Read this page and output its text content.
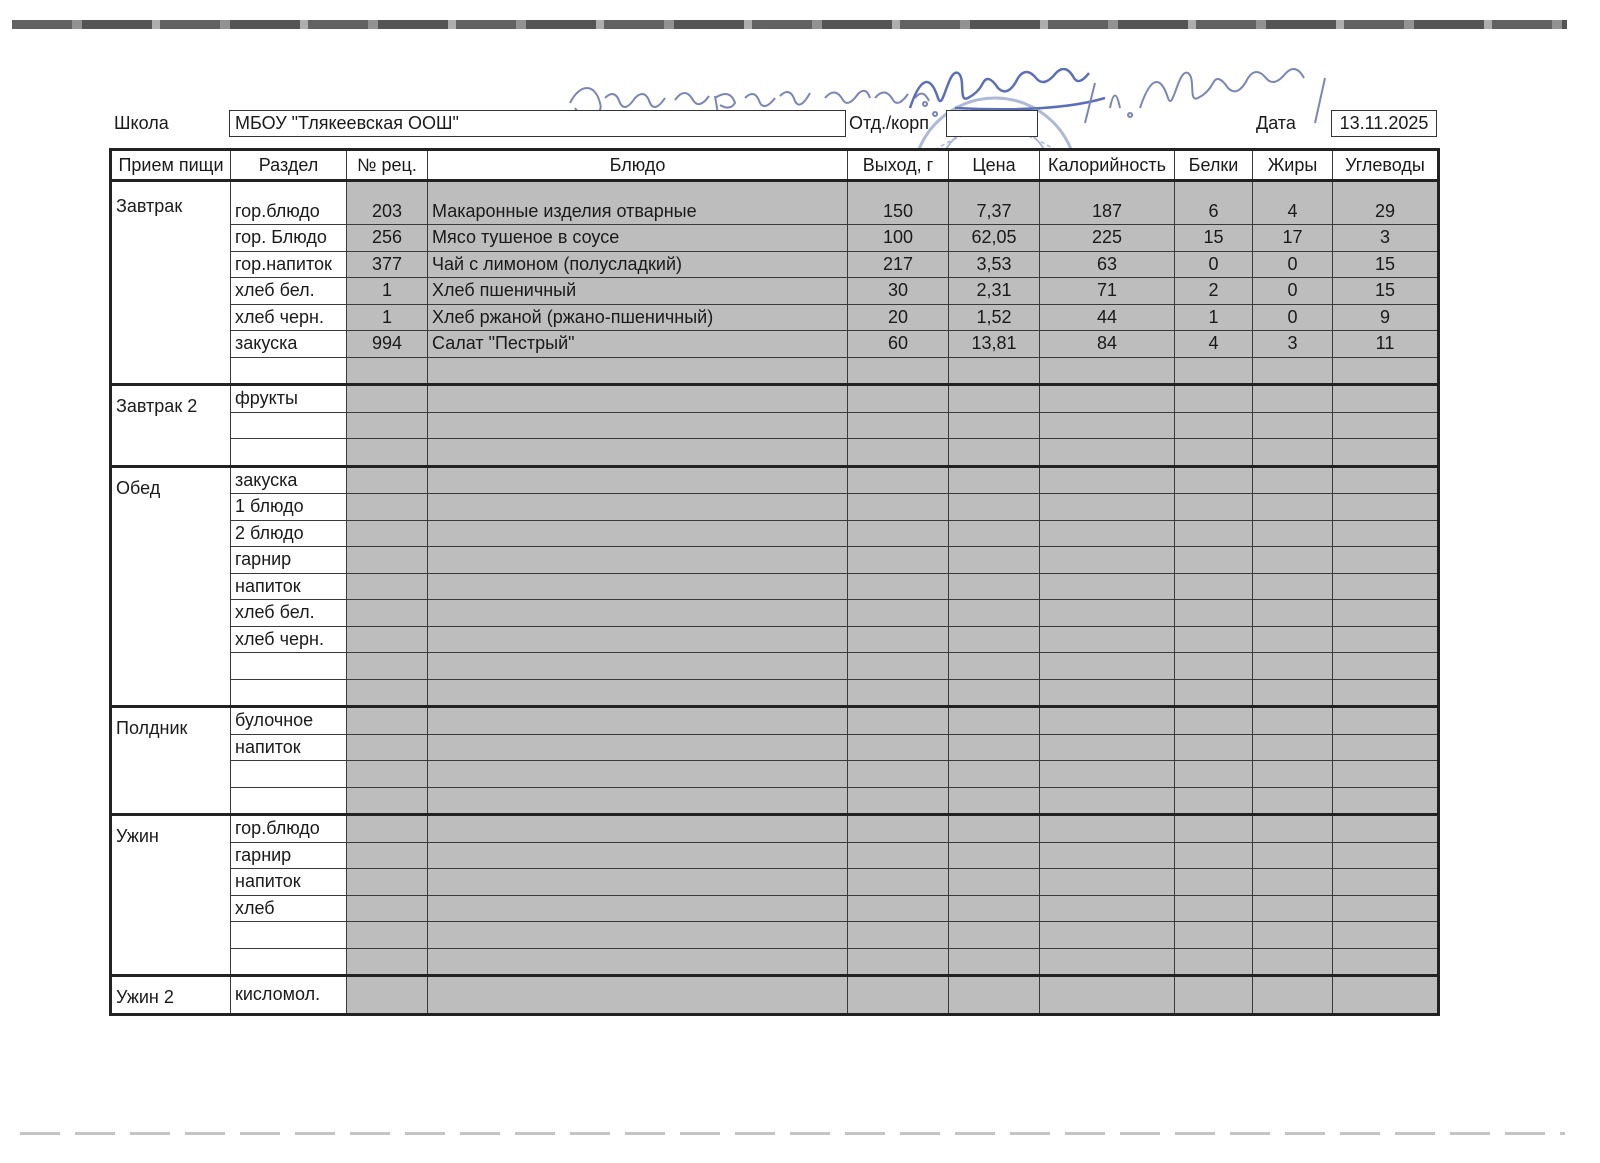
Школа	МБОУ "Тлякеевская ООШ"	Отд./корп	Дата	13.11.2025
Прием пищи	Раздел	№ рец.	Блюдо	Выход, г	Цена	Калорийность	Белки	Жиры	Углеводы
Завтрак	гор.блюдо	203	Макаронные изделия отварные	150	7,37	187	6	4	29
	гор. Блюдо	256	Мясо тушеное в соусе	100	62,05	225	15	17	3
	гор.напиток	377	Чай с лимоном (полусладкий)	217	3,53	63	0	0	15
	хлеб бел.	1	Хлеб пшеничный	30	2,31	71	2	0	15
	хлеб черн.	1	Хлеб ржаной (ржано-пшеничный)	20	1,52	44	1	0	9
	закуска	994	Салат "Пестрый"	60	13,81	84	4	3	11

Завтрак 2	фрукты								

Обед	закуска								
	1 блюдо								
	2 блюдо								
	гарнир								
	напиток								
	хлеб бел.								
	хлеб черн.								

Полдник	булочное								
	напиток								

Ужин	гор.блюдо								
	гарнир								
	напиток								
	хлеб								

Ужин 2	кисломол.								
